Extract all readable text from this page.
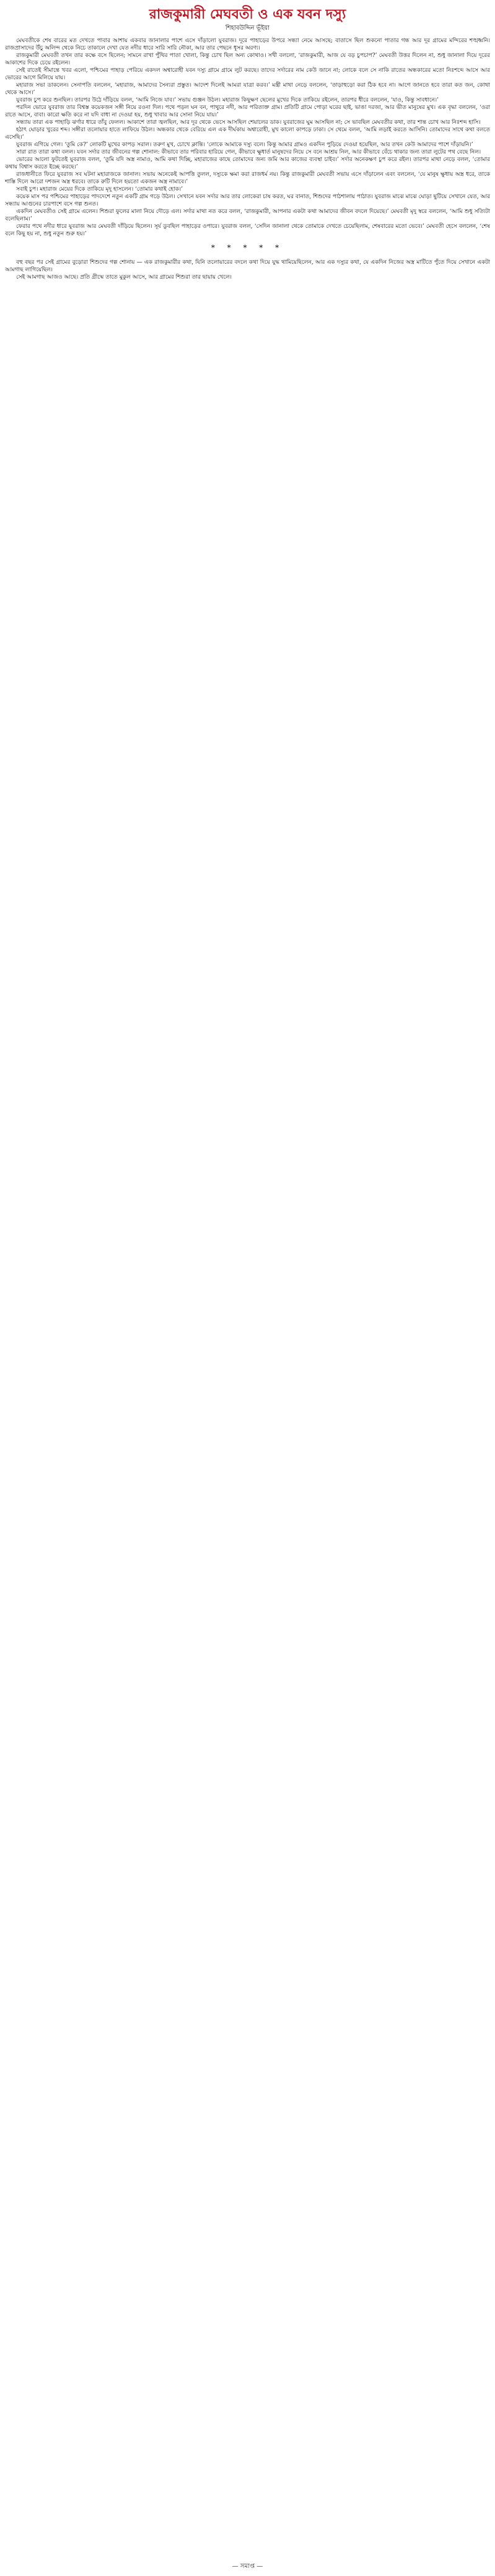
রাজকুমারী মেঘবতী ও এক যবন দস্যু
শিহাবউদ্দিন ভূঁইয়া

মেঘবতীকে শেষ বারের মত দেখতে পাবার আশায় একবার জানালার পাশে এসে দাঁড়ালো যুবরাজ। দূরে পাহাড়ের উপরে সন্ধ্যা নেমে আসছে; বাতাসে ছিল শুকনো পাতার গন্ধ আর দূর গ্রামের মন্দিরের শঙ্খধ্বনি। রাজপ্রাসাদের উঁচু অলিন্দ থেকে নিচে তাকালে দেখা যেত নদীর ধারে সারি সারি নৌকা, আর তার পেছনে ধূসর অরণ্য।

রাজকুমারী মেঘবতী তখন তার কক্ষে বসে ছিলেন; সামনে রাখা পুঁথির পাতা খোলা, কিন্তু চোখ ছিল অন্য কোথাও। সখী বললো, ‘রাজকুমারী, আজ যে বড় চুপচাপ?’ মেঘবতী উত্তর দিলেন না, শুধু জানালা দিয়ে দূরের আকাশের দিকে চেয়ে রইলেন।

সেই রাতেই সীমান্তে খবর এলো, পশ্চিমের পাহাড় পেরিয়ে একদল অশ্বারোহী যবন দস্যু গ্রামে গ্রামে লুট করছে। তাদের সর্দারের নাম কেউ জানে না; লোকে বলে সে নাকি রাতের অন্ধকারের মতো নিঃশব্দে আসে আর ভোরের আগে মিলিয়ে যায়।

মহারাজ সভা ডাকলেন। সেনাপতি বললেন, ‘মহারাজ, আমাদের সৈন্যরা প্রস্তুত। আদেশ দিলেই আমরা যাত্রা করব।’ মন্ত্রী মাথা নেড়ে বললেন, ‘তাড়াহুড়ো করা ঠিক হবে না। আগে জানতে হবে তারা কত জন, কোথা থেকে আসে।’

যুবরাজ চুপ করে শুনছিল। তারপর উঠে দাঁড়িয়ে বলল, ‘আমি নিজে যাব।’ সভায় গুঞ্জন উঠল। মহারাজ কিছুক্ষণ ছেলের মুখের দিকে তাকিয়ে রইলেন, তারপর ধীরে বললেন, ‘যাও, কিন্তু সাবধানে।’

পরদিন ভোরে যুবরাজ তার বিশ্বস্ত কয়েকজন সঙ্গী নিয়ে রওনা দিল। পথে পড়ল ঘন বন, পাথুরে নদী, আর পরিত্যক্ত গ্রাম। প্রতিটি গ্রামে পোড়া ঘরের ছাই, ভাঙা দরজা, আর ভীত মানুষের মুখ। এক বৃদ্ধা বললেন, ‘ওরা রাতে আসে, বাবা। কারো ক্ষতি করে না যদি বাধা না দেওয়া হয়, শুধু খাবার আর সোনা নিয়ে যায়।’

সন্ধ্যায় তারা এক পাহাড়ি ঝর্ণার ধারে তাঁবু ফেলল। আকাশে তারা জ্বলছিল, আর দূর থেকে ভেসে আসছিল শেয়ালের ডাক। যুবরাজের ঘুম আসছিল না; সে ভাবছিল মেঘবতীর কথা, তার শান্ত চোখ আর নিঃশব্দ হাসি।

হঠাৎ ঘোড়ার খুরের শব্দ। সঙ্গীরা তলোয়ার হাতে লাফিয়ে উঠল। অন্ধকার থেকে বেরিয়ে এল এক দীর্ঘকায় অশ্বারোহী, মুখ কালো কাপড়ে ঢাকা। সে থেমে বলল, ‘আমি লড়াই করতে আসিনি। তোমাদের সাথে কথা বলতে এসেছি।’

যুবরাজ এগিয়ে গেল। ‘তুমি কে?’ লোকটি মুখের কাপড় সরাল। তরুণ মুখ, চোখে ক্লান্তি। ‘লোকে আমাকে দস্যু বলে। কিন্তু আমার গ্রামও একদিন পুড়িয়ে দেওয়া হয়েছিল, আর তখন কেউ আমাদের পাশে দাঁড়ায়নি।’

সারা রাত তারা কথা বলল। যবন সর্দার তার জীবনের গল্প শোনাল: কীভাবে তার পরিবার হারিয়ে গেল, কীভাবে ক্ষুধার্ত মানুষদের নিয়ে সে বনে আশ্রয় নিল, আর কীভাবে বেঁচে থাকার জন্য তারা লুটের পথ বেছে নিল।

ভোরের আলো ফুটতেই যুবরাজ বলল, ‘তুমি যদি অস্ত্র নামাও, আমি কথা দিচ্ছি, মহারাজের কাছে তোমাদের জন্য জমি আর কাজের ব্যবস্থা চাইব।’ সর্দার অনেকক্ষণ চুপ করে রইল। তারপর মাথা নেড়ে বলল, ‘তোমার কথায় বিশ্বাস করতে ইচ্ছে করছে।’

রাজধানীতে ফিরে যুবরাজ সব ঘটনা মহারাজকে জানাল। সভায় অনেকেই আপত্তি তুলল, দস্যুকে ক্ষমা করা রাজধর্ম নয়। কিন্তু রাজকুমারী মেঘবতী সভায় এসে দাঁড়ালেন এবং বললেন, ‘যে মানুষ ক্ষুধায় অস্ত্র ধরে, তাকে শাস্তি দিলে আরো দশজন অস্ত্র ধরবে। তাকে রুটি দিলে হয়তো একজন অস্ত্র নামাবে।’

সবাই চুপ। মহারাজ মেয়ের দিকে তাকিয়ে মৃদু হাসলেন। ‘তোমার কথাই হোক।’

কয়েক মাস পর পশ্চিমের পাহাড়ের পাদদেশে নতুন একটি গ্রাম গড়ে উঠল। সেখানে যবন সর্দার আর তার লোকেরা চাষ করত, ঘর বানাত, শিশুদের পাঠশালায় পাঠাত। যুবরাজ মাঝে মাঝে ঘোড়া ছুটিয়ে সেখানে যেত, আর সন্ধ্যায় আগুনের চারপাশে বসে গল্প শুনত।

একদিন মেঘবতীও সেই গ্রামে এলেন। শিশুরা ফুলের মালা নিয়ে দৌড়ে এল। সর্দার মাথা নত করে বলল, ‘রাজকুমারী, আপনার একটা কথা আমাদের জীবন বদলে দিয়েছে।’ মেঘবতী মৃদু স্বরে বললেন, ‘আমি শুধু সত্যিটা বলেছিলাম।’

ফেরার পথে নদীর ধারে যুবরাজ আর মেঘবতী দাঁড়িয়ে ছিলেন। সূর্য ডুবছিল পাহাড়ের ওপারে। যুবরাজ বলল, ‘সেদিন জানালা থেকে তোমাকে দেখতে চেয়েছিলাম, শেষবারের মতো ভেবে।’ মেঘবতী হেসে বললেন, ‘শেষ বলে কিছু হয় না, শুধু নতুন শুরু হয়।’

* * * * *

বহু বছর পর সেই গ্রামের বুড়োরা শিশুদের গল্প শোনায় — এক রাজকুমারীর কথা, যিনি তলোয়ারের বদলে কথা দিয়ে যুদ্ধ থামিয়েছিলেন, আর এক দস্যুর কথা, যে একদিন নিজের অস্ত্র মাটিতে পুঁতে দিয়ে সেখানে একটা আমগাছ লাগিয়েছিল।

সেই আমগাছ আজও আছে। প্রতি গ্রীষ্মে তাতে মুকুল আসে, আর গ্রামের শিশুরা তার ছায়ায় খেলে।

— সমাপ্ত —
